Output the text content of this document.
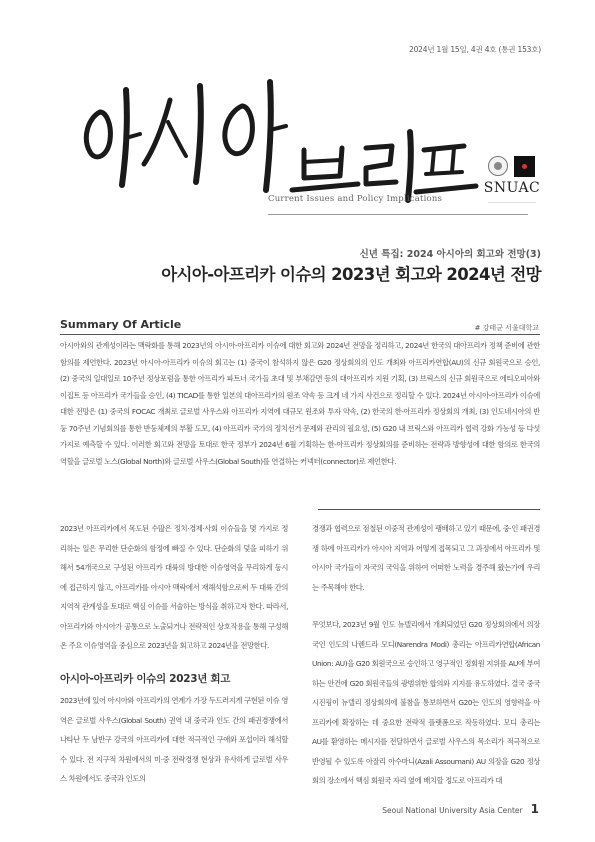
2024년 1월 15일, 4권 4호 (통권 153호)
Current Issues and Policy Implications
SNUAC
————————————
신년 특집: 2024 아시아의 회고와 전망(3)
아시아-아프리카 이슈의 2023년 회고와 2024년 전망
Summary Of Article	# 강태균 서울대학교

아시아와의 관계성이라는 맥락화를 통해 2023년의 아시아-아프리카 이슈에 대한 회고와 2024년 전망을 정리하고, 2024년 한국의 대아프리카 정책 준비에 관한 함의를 제언한다. 2023년 아시아-아프리카 이슈의 회고는 (1) 중국이 참석하지 않은 G20 정상회의의 인도 개최와 아프리카연합(AU)의 신규 회원국으로 승인, (2) 중국의 일대일로 10주년 정상포럼을 통한 아프리카 파트너 국가들 초대 및 부채감면 등의 대아프리카 지원 기획, (3) 브릭스의 신규 회원국으로 에티오피아와 이집트 등 아프리카 국가들을 승인, (4) TICAD를 통한 일본의 대아프리카의 원조 약속 등 크게 네 가지 사건으로 정리할 수 있다. 2024년 아시아-아프리카 이슈에 대한 전망은 (1) 중국의 FOCAC 개최로 글로벌 사우스와 아프리카 지역에 대규모 원조와 투자 약속, (2) 한국의 한-아프리카 정상회의 개최, (3) 인도네시아의 반둥 70주년 기념회의를 통한 반둥체제의 부활 도모, (4) 아프리카 국가의 정치선거 문제와 관리의 필요성, (5) G20 내 브릭스와 아프리카 협력 강화 가능성 등 다섯 가지로 예측할 수 있다. 이러한 회고와 전망을 토대로 한국 정부가 2024년 6월 기획하는 한-아프리카 정상회의를 준비하는 전략과 방향성에 대한 함의로 한국의 역할을 글로벌 노스(Global North)와 글로벌 사우스(Global South)를 연결하는 커넥터(connector)로 제언한다.

2023년 아프리카에서 목도된 수많은 정치·경제·사회 이슈들을 몇 가지로 정리하는 일은 무리한 단순화의 함정에 빠질 수 있다. 단순화의 덫을 피하기 위해서 54개국으로 구성된 아프리카 대륙의 방대한 이슈영역을 무리하게 동시에 접근하지 않고, 아프리카를 아시아 맥락에서 재해석함으로써 두 대륙 간의 지역적 관계성을 토대로 핵심 이슈를 서술하는 방식을 취하고자 한다. 따라서, 아프리카와 아시아가 공통으로 노출되거나 전략적인 상호작용을 통해 구성해 온 주요 이슈영역을 중심으로 2023년을 회고하고 2024년을 전망한다.

아시아-아프리카 이슈의 2023년 회고

2023년에 있어 아시아와 아프리카의 연계가 가장 두드러지게 구현된 이슈 영역은 글로벌 사우스(Global South) 권역 내 중국과 인도 간의 패권경쟁에서 나타난 두 남반구 강국의 아프리카에 대한 적극적인 구애와 포섭이라 해석할 수 있다. 전 지구적 차원에서의 미·중 전략경쟁 현상과 유사하게 글로벌 사우스 차원에서도 중국과 인도의

경쟁과 협력으로 점철된 이중적 관계성이 팽배하고 있기 때문에, 중·인 패권경쟁 하에 아프리카가 아시아 지역과 어떻게 접목되고 그 과정에서 아프리카 및 아시아 국가들이 자국의 국익을 위하여 어떠한 노력을 경주해 왔는가에 우리는 주목해야 한다.

무엇보다, 2023년 9월 인도 뉴델리에서 개최되었던 G20 정상회의에서 의장국인 인도의 나렌드라 모디(Narendra Modi) 총리는 아프리카연합(African Union: AU)을 G20 회원국으로 승인하고 영구적인 정회원 지위를 AU에 부여하는 안건에 G20 회원국들의 광범위한 합의와 지지를 유도하였다. 결국 중국 시진핑이 뉴델리 정상회의에 불참을 통보하면서 G20는 인도의 영향력을 아프리카에 확장하는 데 중요한 전략적 플랫폼으로 작동하였다. 모디 총리는 AU를 환영하는 메시지를 전달하면서 글로벌 사우스의 목소리가 적극적으로 반영될 수 있도록 아잘리 아수마니(Azali Assoumani) AU 의장을 G20 정상회의 장소에서 핵심 회원국 자리 옆에 배치할 정도로 아프리카 대

Seoul National University Asia Center 1
